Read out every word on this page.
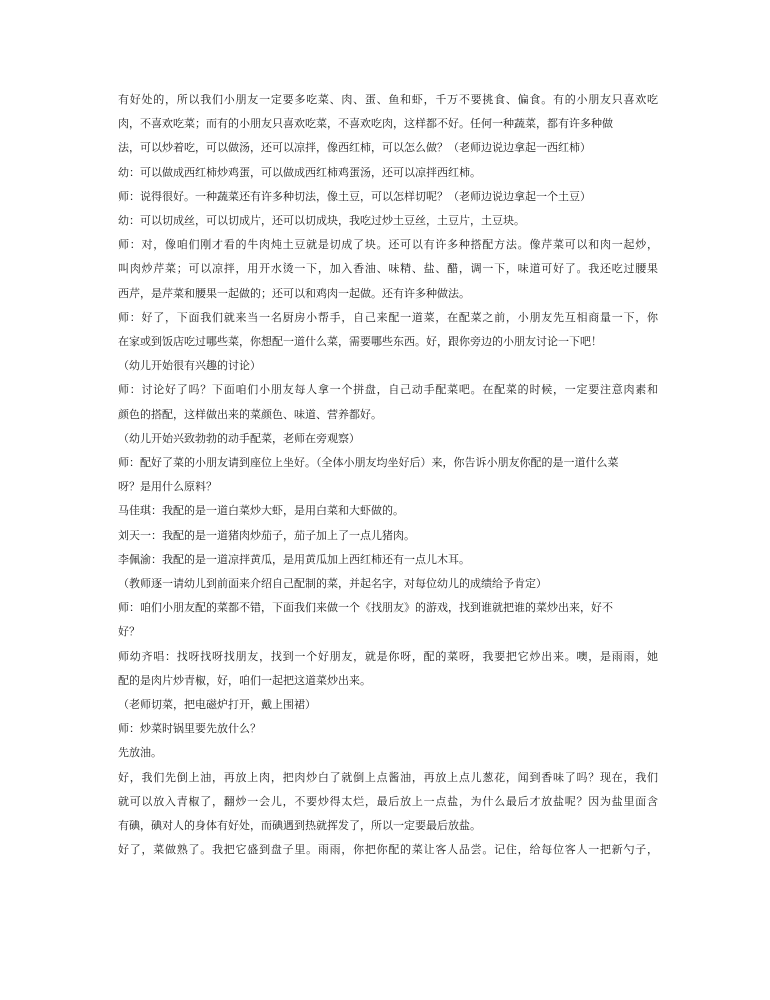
有好处的，所以我们小朋友一定要多吃菜、肉、蛋、鱼和虾，千万不要挑食、偏食。有的小朋友只喜欢吃

肉，不喜欢吃菜；而有的小朋友只喜欢吃菜，不喜欢吃肉，这样都不好。任何一种蔬菜，都有许多种做

法，可以炒着吃，可以做汤，还可以凉拌，像西红柿，可以怎么做？（老师边说边拿起一西红柿）

幼：可以做成西红柿炒鸡蛋，可以做成西红柿鸡蛋汤，还可以凉拌西红柿。

师：说得很好。一种蔬菜还有许多种切法，像土豆，可以怎样切呢？（老师边说边拿起一个土豆）

幼：可以切成丝，可以切成片，还可以切成块，我吃过炒土豆丝，土豆片，土豆块。

师：对，像咱们刚才看的牛肉炖土豆就是切成了块。还可以有许多种搭配方法。像芹菜可以和肉一起炒，

叫肉炒芹菜；可以凉拌，用开水烫一下，加入香油、味精、盐、醋，调一下，味道可好了。我还吃过腰果

西芹，是芹菜和腰果一起做的；还可以和鸡肉一起做。还有许多种做法。

师：好了，下面我们就来当一名厨房小帮手，自己来配一道菜，在配菜之前，小朋友先互相商量一下，你

在家或到饭店吃过哪些菜，你想配一道什么菜，需要哪些东西。好，跟你旁边的小朋友讨论一下吧！

（幼儿开始很有兴趣的讨论）

师：讨论好了吗？下面咱们小朋友每人拿一个拼盘，自己动手配菜吧。在配菜的时候，一定要注意肉素和

颜色的搭配，这样做出来的菜颜色、味道、营养都好。

（幼儿开始兴致勃勃的动手配菜，老师在旁观察）

师：配好了菜的小朋友请到座位上坐好。（全体小朋友均坐好后）来，你告诉小朋友你配的是一道什么菜

呀？是用什么原料？

马佳琪：我配的是一道白菜炒大虾，是用白菜和大虾做的。

刘天一：我配的是一道猪肉炒茄子，茄子加上了一点儿猪肉。

李佩渝：我配的是一道凉拌黄瓜，是用黄瓜加上西红柿还有一点儿木耳。

（教师逐一请幼儿到前面来介绍自己配制的菜，并起名字，对每位幼儿的成绩给予肯定）

师：咱们小朋友配的菜都不错，下面我们来做一个《找朋友》的游戏，找到谁就把谁的菜炒出来，好不

好？

师幼齐唱：找呀找呀找朋友，找到一个好朋友，就是你呀，配的菜呀，我要把它炒出来。噢，是雨雨，她

配的是肉片炒青椒，好，咱们一起把这道菜炒出来。

（老师切菜，把电磁炉打开，戴上围裙）

师：炒菜时锅里要先放什么？

先放油。

好，我们先倒上油，再放上肉，把肉炒白了就倒上点酱油，再放上点儿葱花，闻到香味了吗？现在，我们

就可以放入青椒了，翻炒一会儿，不要炒得太烂，最后放上一点盐，为什么最后才放盐呢？因为盐里面含

有碘，碘对人的身体有好处，而碘遇到热就挥发了，所以一定要最后放盐。

好了，菜做熟了。我把它盛到盘子里。雨雨，你把你配的菜让客人品尝。记住，给每位客人一把新勺子，
